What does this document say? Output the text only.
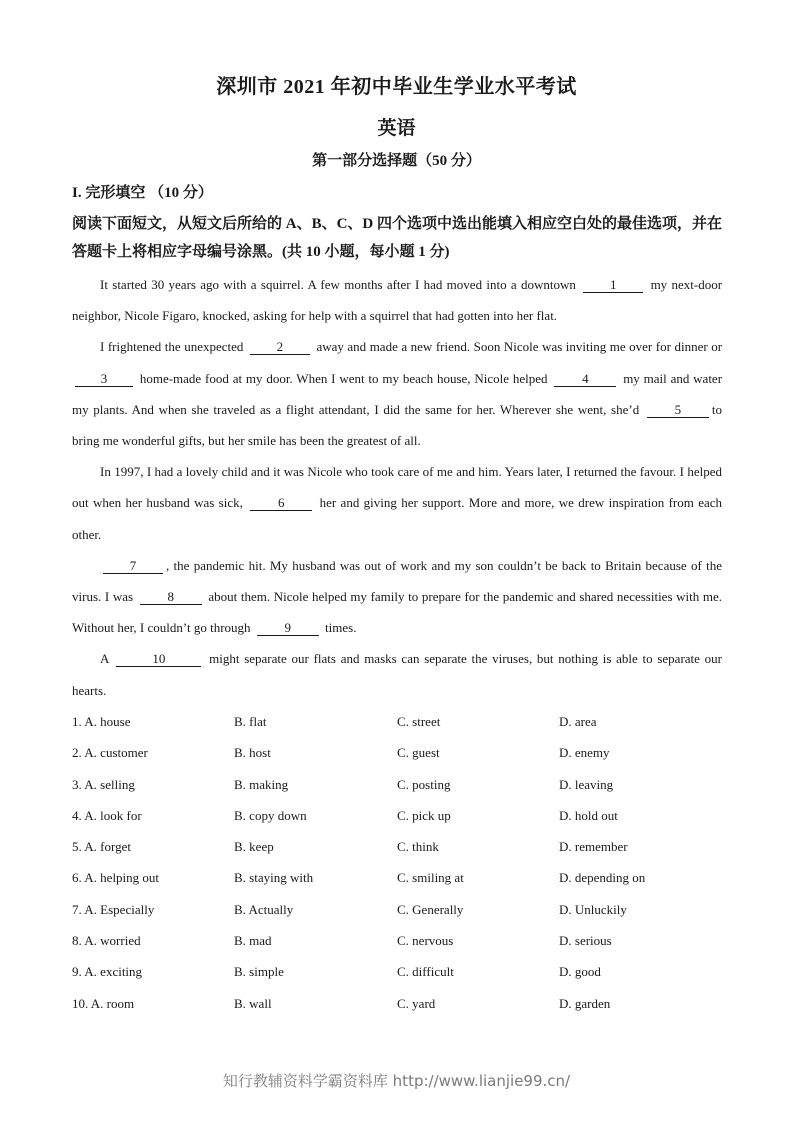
深圳市 2021 年初中毕业生学业水平考试
英语
第一部分选择题（50 分）
I. 完形填空 （10 分）
阅读下面短文，从短文后所给的 A、B、C、D 四个选项中选出能填入相应空白处的最佳选项，并在答题卡上将相应字母编号涂黑。(共 10 小题，每小题 1 分)

It started 30 years ago with a squirrel. A few months after I had moved into a downtown	1	my next-door neighbor, Nicole Figaro, knocked, asking for help with a squirrel that had gotten into her flat.

I frightened the unexpected	2	away and made a new friend. Soon Nicole was inviting me over for dinner or 3	home-made food at my door. When I went to my beach house, Nicole helped	4	my mail and water my plants. And when she traveled as a flight attendant, I did the same for her. Wherever she went, she’d	5 to bring me wonderful gifts, but her smile has been the greatest of all.

In 1997, I had a lovely child and it was Nicole who took care of me and him. Years later, I returned the favour. I helped out when her husband was sick,	6	her and giving her support. More and more, we drew inspiration from each other.

7 , the pandemic hit. My husband was out of work and my son couldn’t be back to Britain because of the virus. I was	8	about them. Nicole helped my family to prepare for the pandemic and shared necessities with me. Without her, I couldn’t go through	9	times.

A	10	might separate our flats and masks can separate the viruses, but nothing is able to separate our hearts.

1. A. house	B. flat	C. street	D. area
2. A. customer	B. host	C. guest	D. enemy
3. A. selling	B. making	C. posting	D. leaving
4. A. look for	B. copy down	C. pick up	D. hold out
5. A. forget	B. keep	C. think	D. remember
6. A. helping out	B. staying with	C. smiling at	D. depending on
7. A. Especially	B. Actually	C. Generally	D. Unluckily
8. A. worried	B. mad	C. nervous	D. serious
9. A. exciting	B. simple	C. difficult	D. good
10. A. room	B. wall	C. yard	D. garden
知行教辅资料学霸资料库 http://www.lianjie99.cn/
